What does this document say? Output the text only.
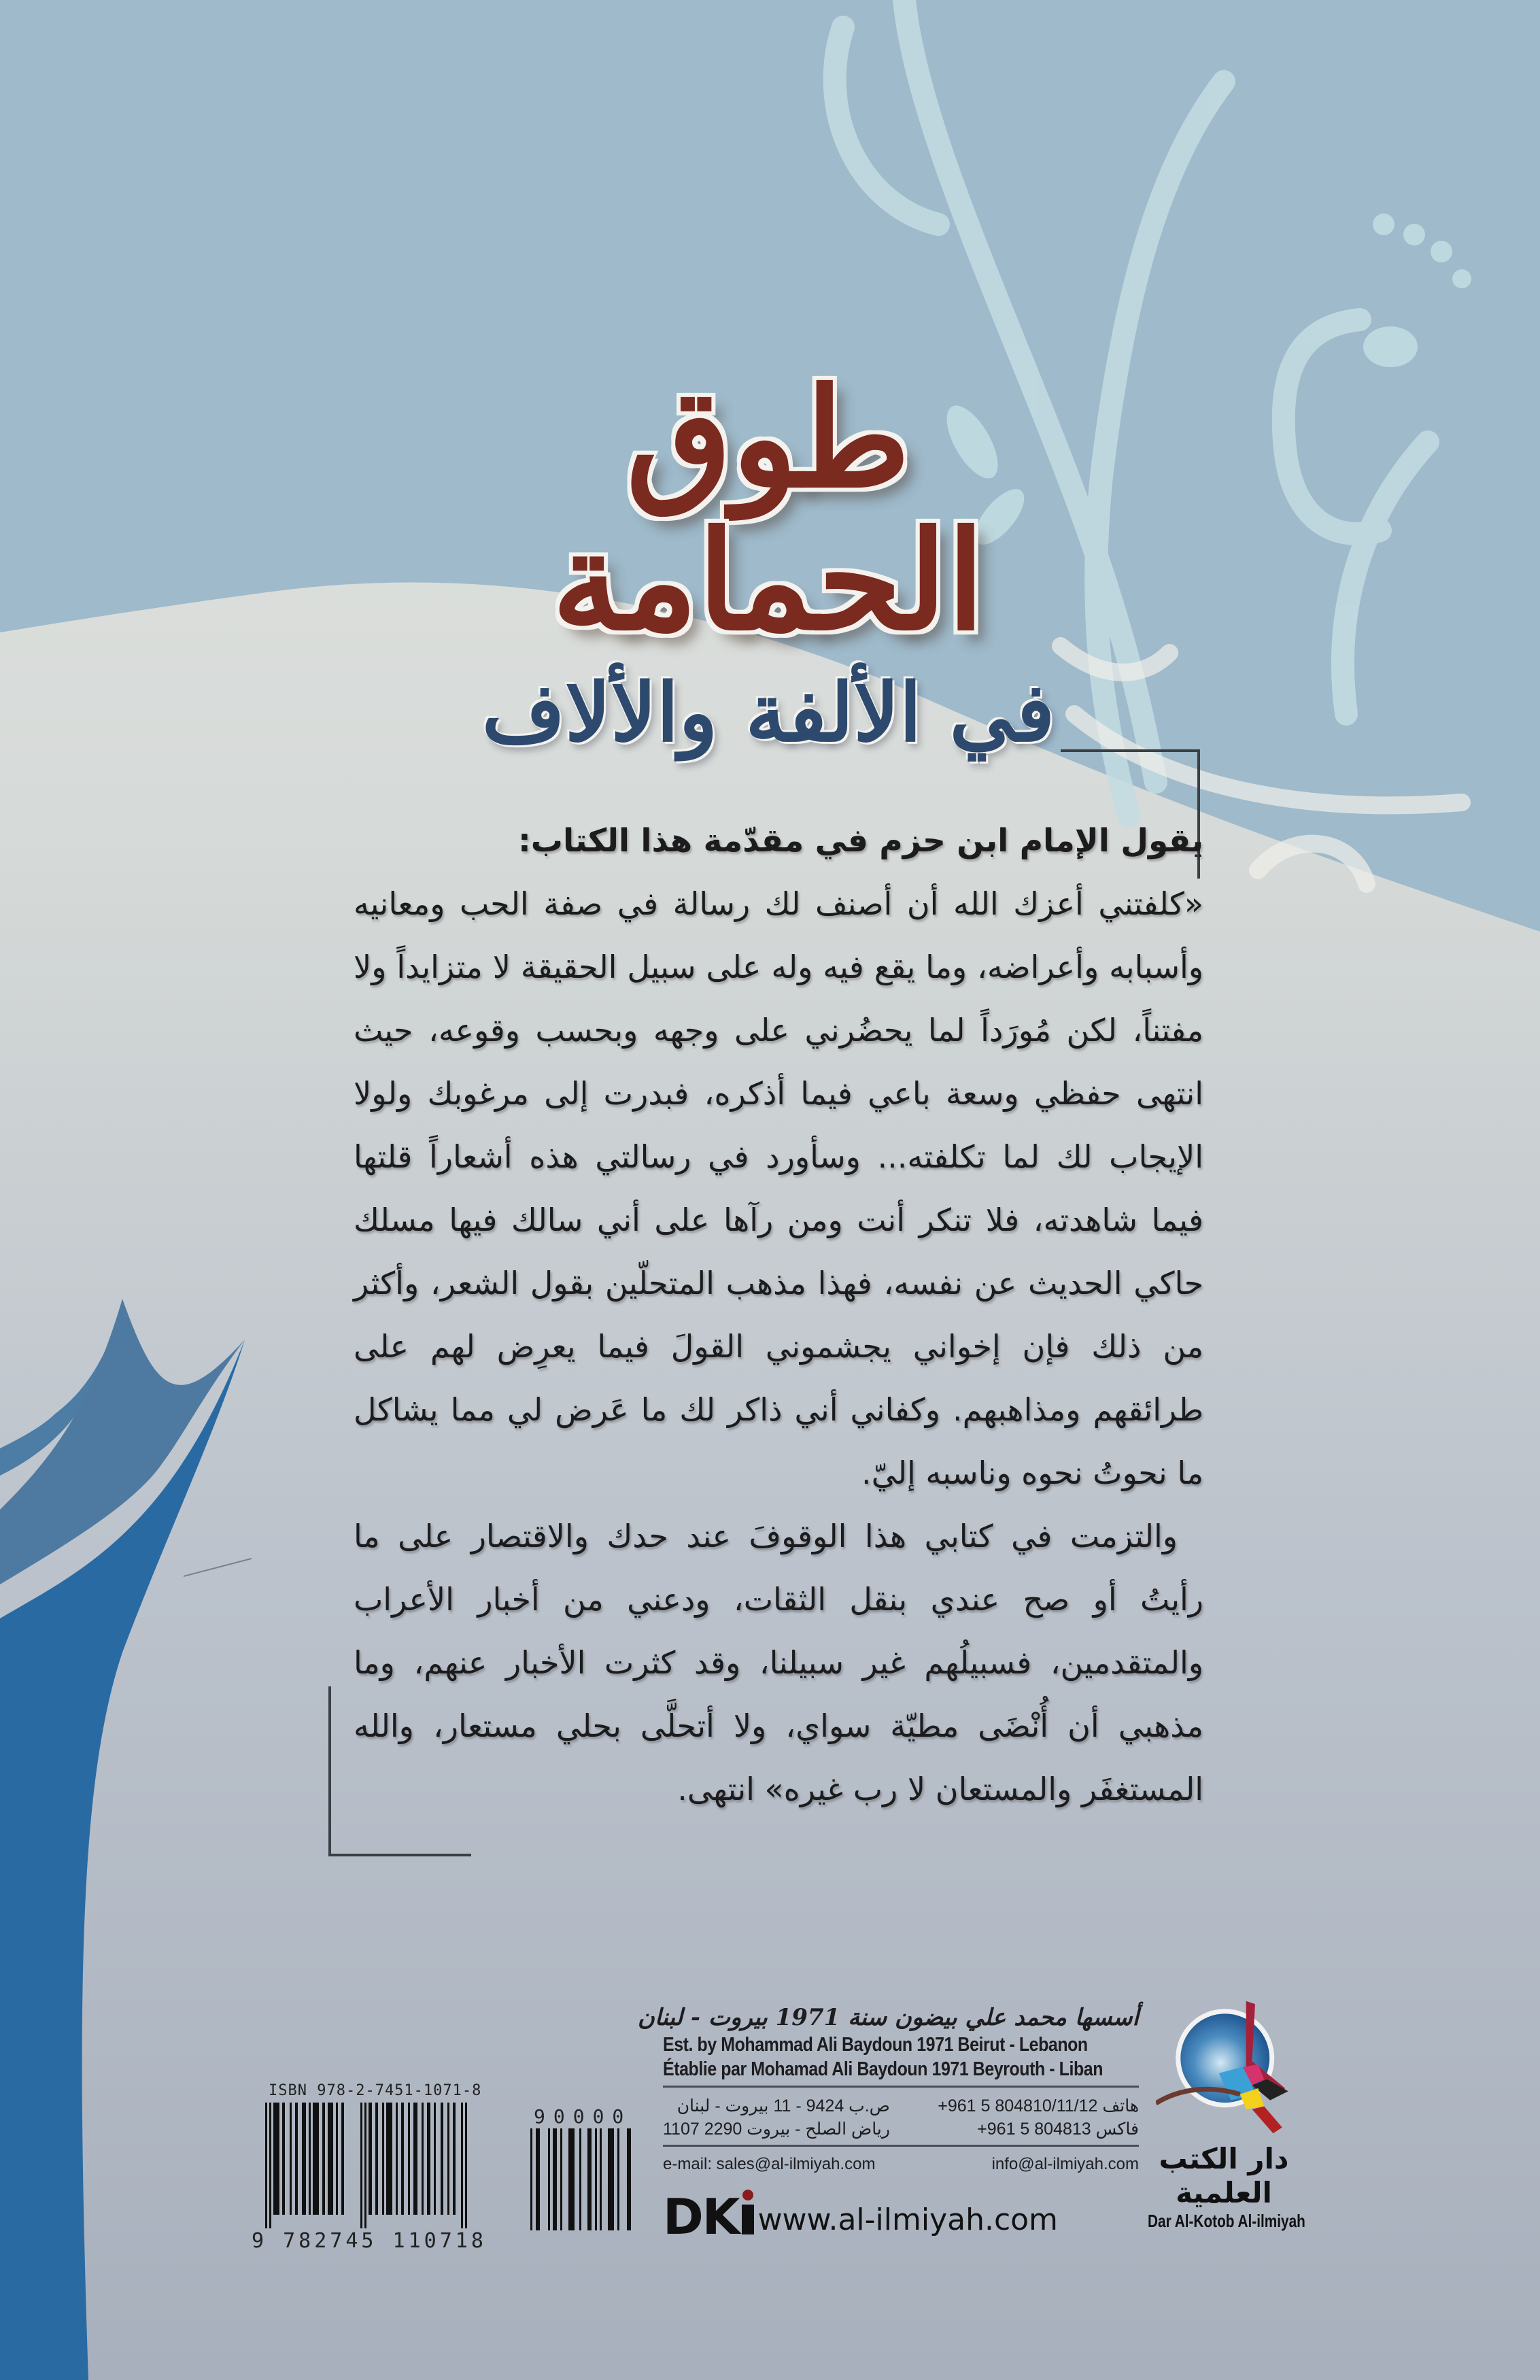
طوق الحمامة
في الألفة والألاف

يقول الإمام ابن حزم في مقدّمة هذا الكتاب:

«كلفتني أعزك الله أن أصنف لك رسالة في صفة الحب ومعانيه وأسبابه وأعراضه، وما يقع فيه وله على سبيل الحقيقة لا متزايداً ولا مفتناً، لكن مُورَداً لما يحضُرني على وجهه وبحسب وقوعه، حيث انتهى حفظي وسعة باعي فيما أذكره، فبدرت إلى مرغوبك ولولا الإيجاب لك لما تكلفته... وسأورد في رسالتي هذه أشعاراً قلتها فيما شاهدته، فلا تنكر أنت ومن رآها على أني سالك فيها مسلك حاكي الحديث عن نفسه، فهذا مذهب المتحلّين بقول الشعر، وأكثر من ذلك فإن إخواني يجشموني القولَ فيما يعرِض لهم على طرائقهم ومذاهبهم. وكفاني أني ذاكر لك ما عَرض لي مما يشاكل ما نحوتُ نحوه وناسبه إليّ.

والتزمت في كتابي هذا الوقوفَ عند حدك والاقتصار على ما رأيتُ أو صح عندي بنقل الثقات، ودعني من أخبار الأعراب والمتقدمين، فسبيلُهم غير سبيلنا، وقد كثرت الأخبار عنهم، وما مذهبي أن أُنْضَى مطيّة سواي، ولا أتحلَّى بحلي مستعار، والله المستغفَر والمستعان لا رب غيره» انتهى.

ISBN 978-2-7451-1071-8
9 782745 110718
90000
أسسها محمد علي بيضون سنة 1971 بيروت - لبنان
Est. by Mohammad Ali Baydoun 1971 Beirut - Lebanon
Établie par Mohamad Ali Baydoun 1971 Beyrouth - Liban
ص.ب 9424 - 11 بيروت - لبنان
رياض الصلح - بيروت 2290 1107
+961 5 804810/11/12 هاتف
+961 5 804813 فاكس
e-mail: sales@al-ilmiyah.com	info@al-ilmiyah.com
DK www.al-ilmiyah.com
دار الكتب العلمية
Dar Al-Kotob Al-ilmiyah
